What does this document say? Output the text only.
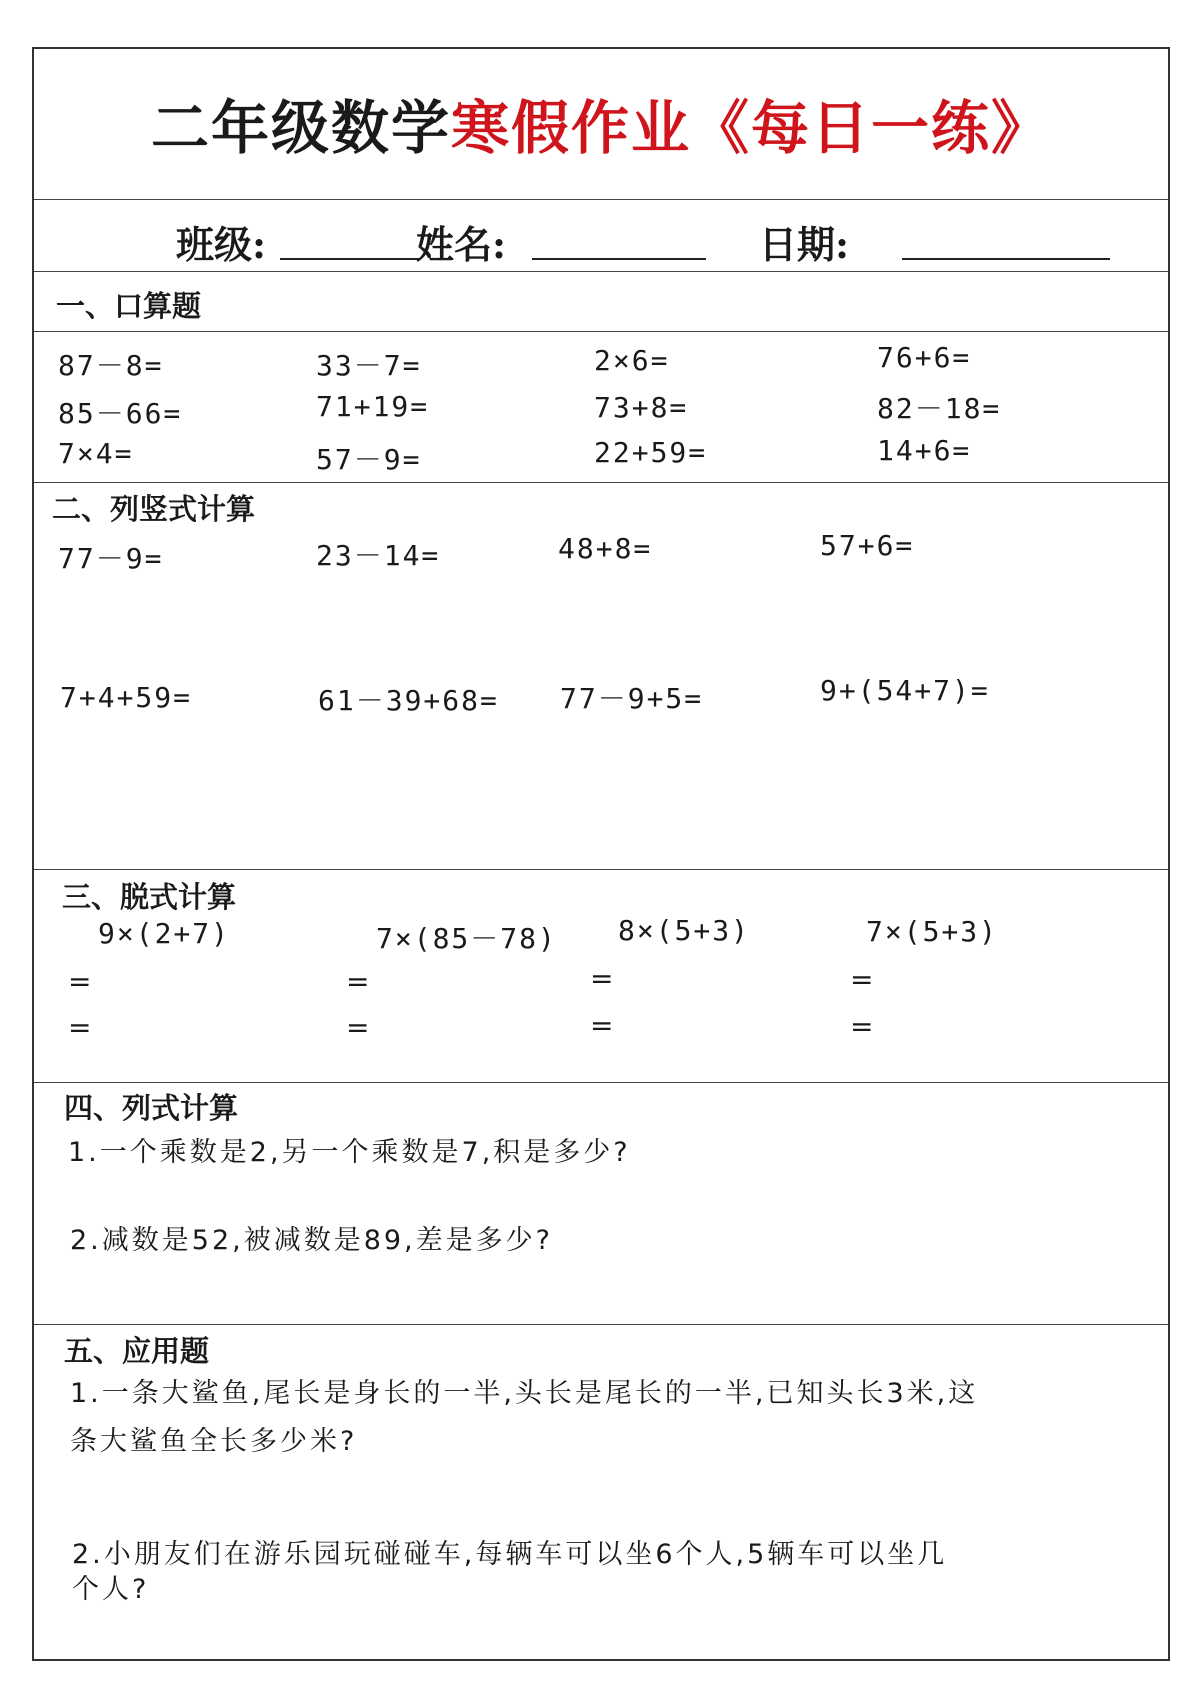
二年级数学寒假作业《每日一练》
班级:	姓名:	日期:
一、口算题
87－8=	33－7=	2×6=	76+6=
85－66=	71+19=	73+8=	82－18=
7×4=	57－9=	22+59=	14+6=
二、列竖式计算
77－9=	23－14=	48+8=	57+6=
7+4+59=	61－39+68= 77－9+5=	9+(54+7)=
三、脱式计算
9×(2+7)	7×(85－78) 8×(5+3)	7×(5+3)
=	=	=	=
=	=	=	=
四、列式计算
1.一个乘数是2,另一个乘数是7,积是多少?
2.减数是52,被减数是89,差是多少?
五、应用题
1.一条大鲨鱼,尾长是身长的一半,头长是尾长的一半,已知头长3米,这
条大鲨鱼全长多少米?
2.小朋友们在游乐园玩碰碰车,每辆车可以坐6个人,5辆车可以坐几
个人?
